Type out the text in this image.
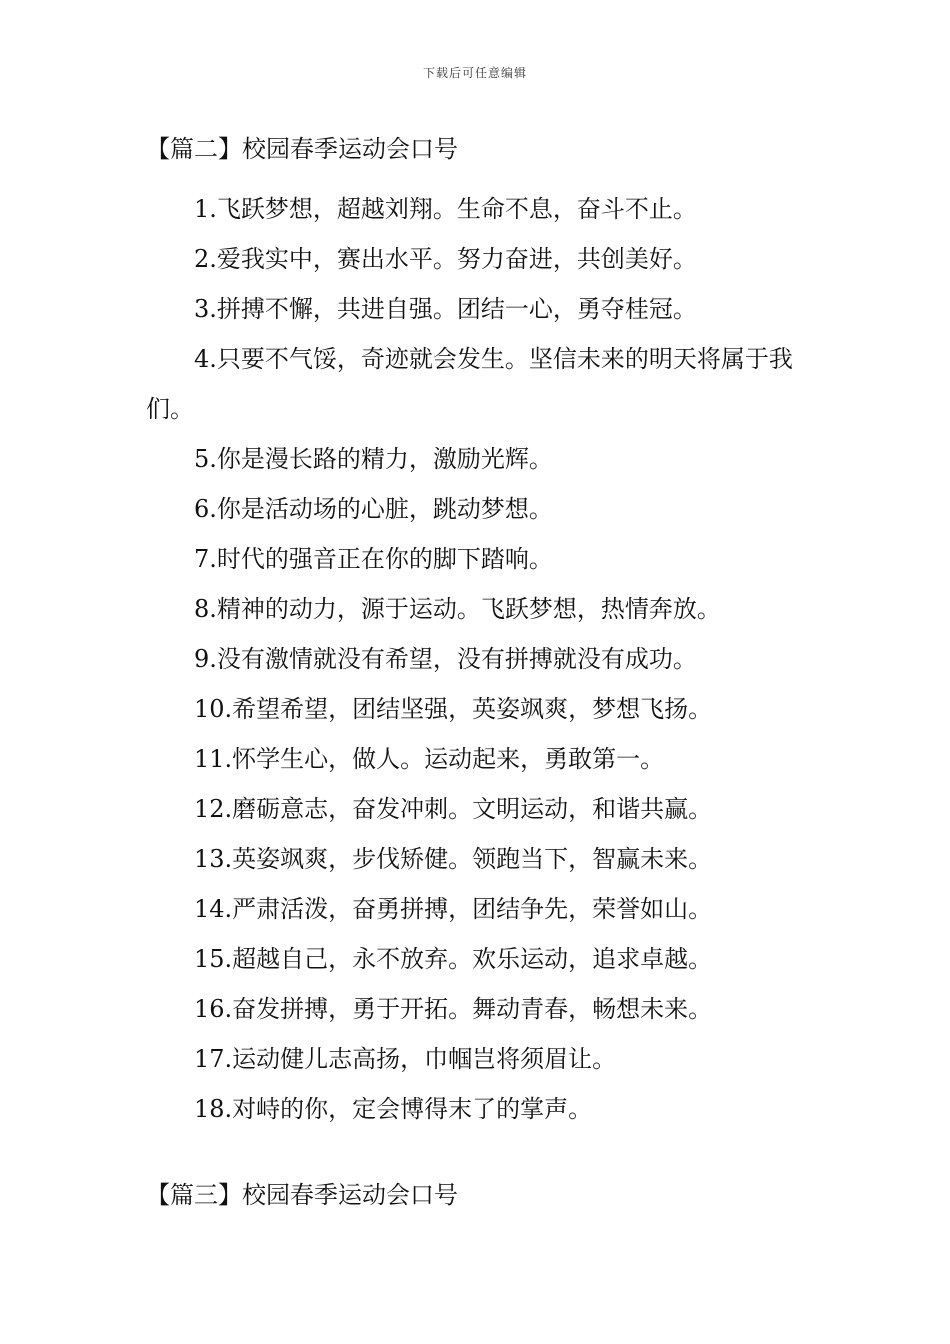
下载后可任意编辑
【篇二】校园春季运动会口号
1.飞跃梦想，超越刘翔。生命不息，奋斗不止。
2.爱我实中，赛出水平。努力奋进，共创美好。
3.拼搏不懈，共进自强。团结一心，勇夺桂冠。
4.只要不气馁，奇迹就会发生。坚信未来的明天将属于我们。
5.你是漫长路的精力，激励光辉。
6.你是活动场的心脏，跳动梦想。
7.时代的强音正在你的脚下踏响。
8.精神的动力，源于运动。飞跃梦想，热情奔放。
9.没有激情就没有希望，没有拼搏就没有成功。
10.希望希望，团结坚强，英姿飒爽，梦想飞扬。
11.怀学生心，做人。运动起来，勇敢第一。
12.磨砺意志，奋发冲刺。文明运动，和谐共赢。
13.英姿飒爽，步伐矫健。领跑当下，智赢未来。
14.严肃活泼，奋勇拼搏，团结争先，荣誉如山。
15.超越自己，永不放弃。欢乐运动，追求卓越。
16.奋发拼搏，勇于开拓。舞动青春，畅想未来。
17.运动健儿志高扬，巾帼岂将须眉让。
18.对峙的你，定会博得末了的掌声。
【篇三】校园春季运动会口号
